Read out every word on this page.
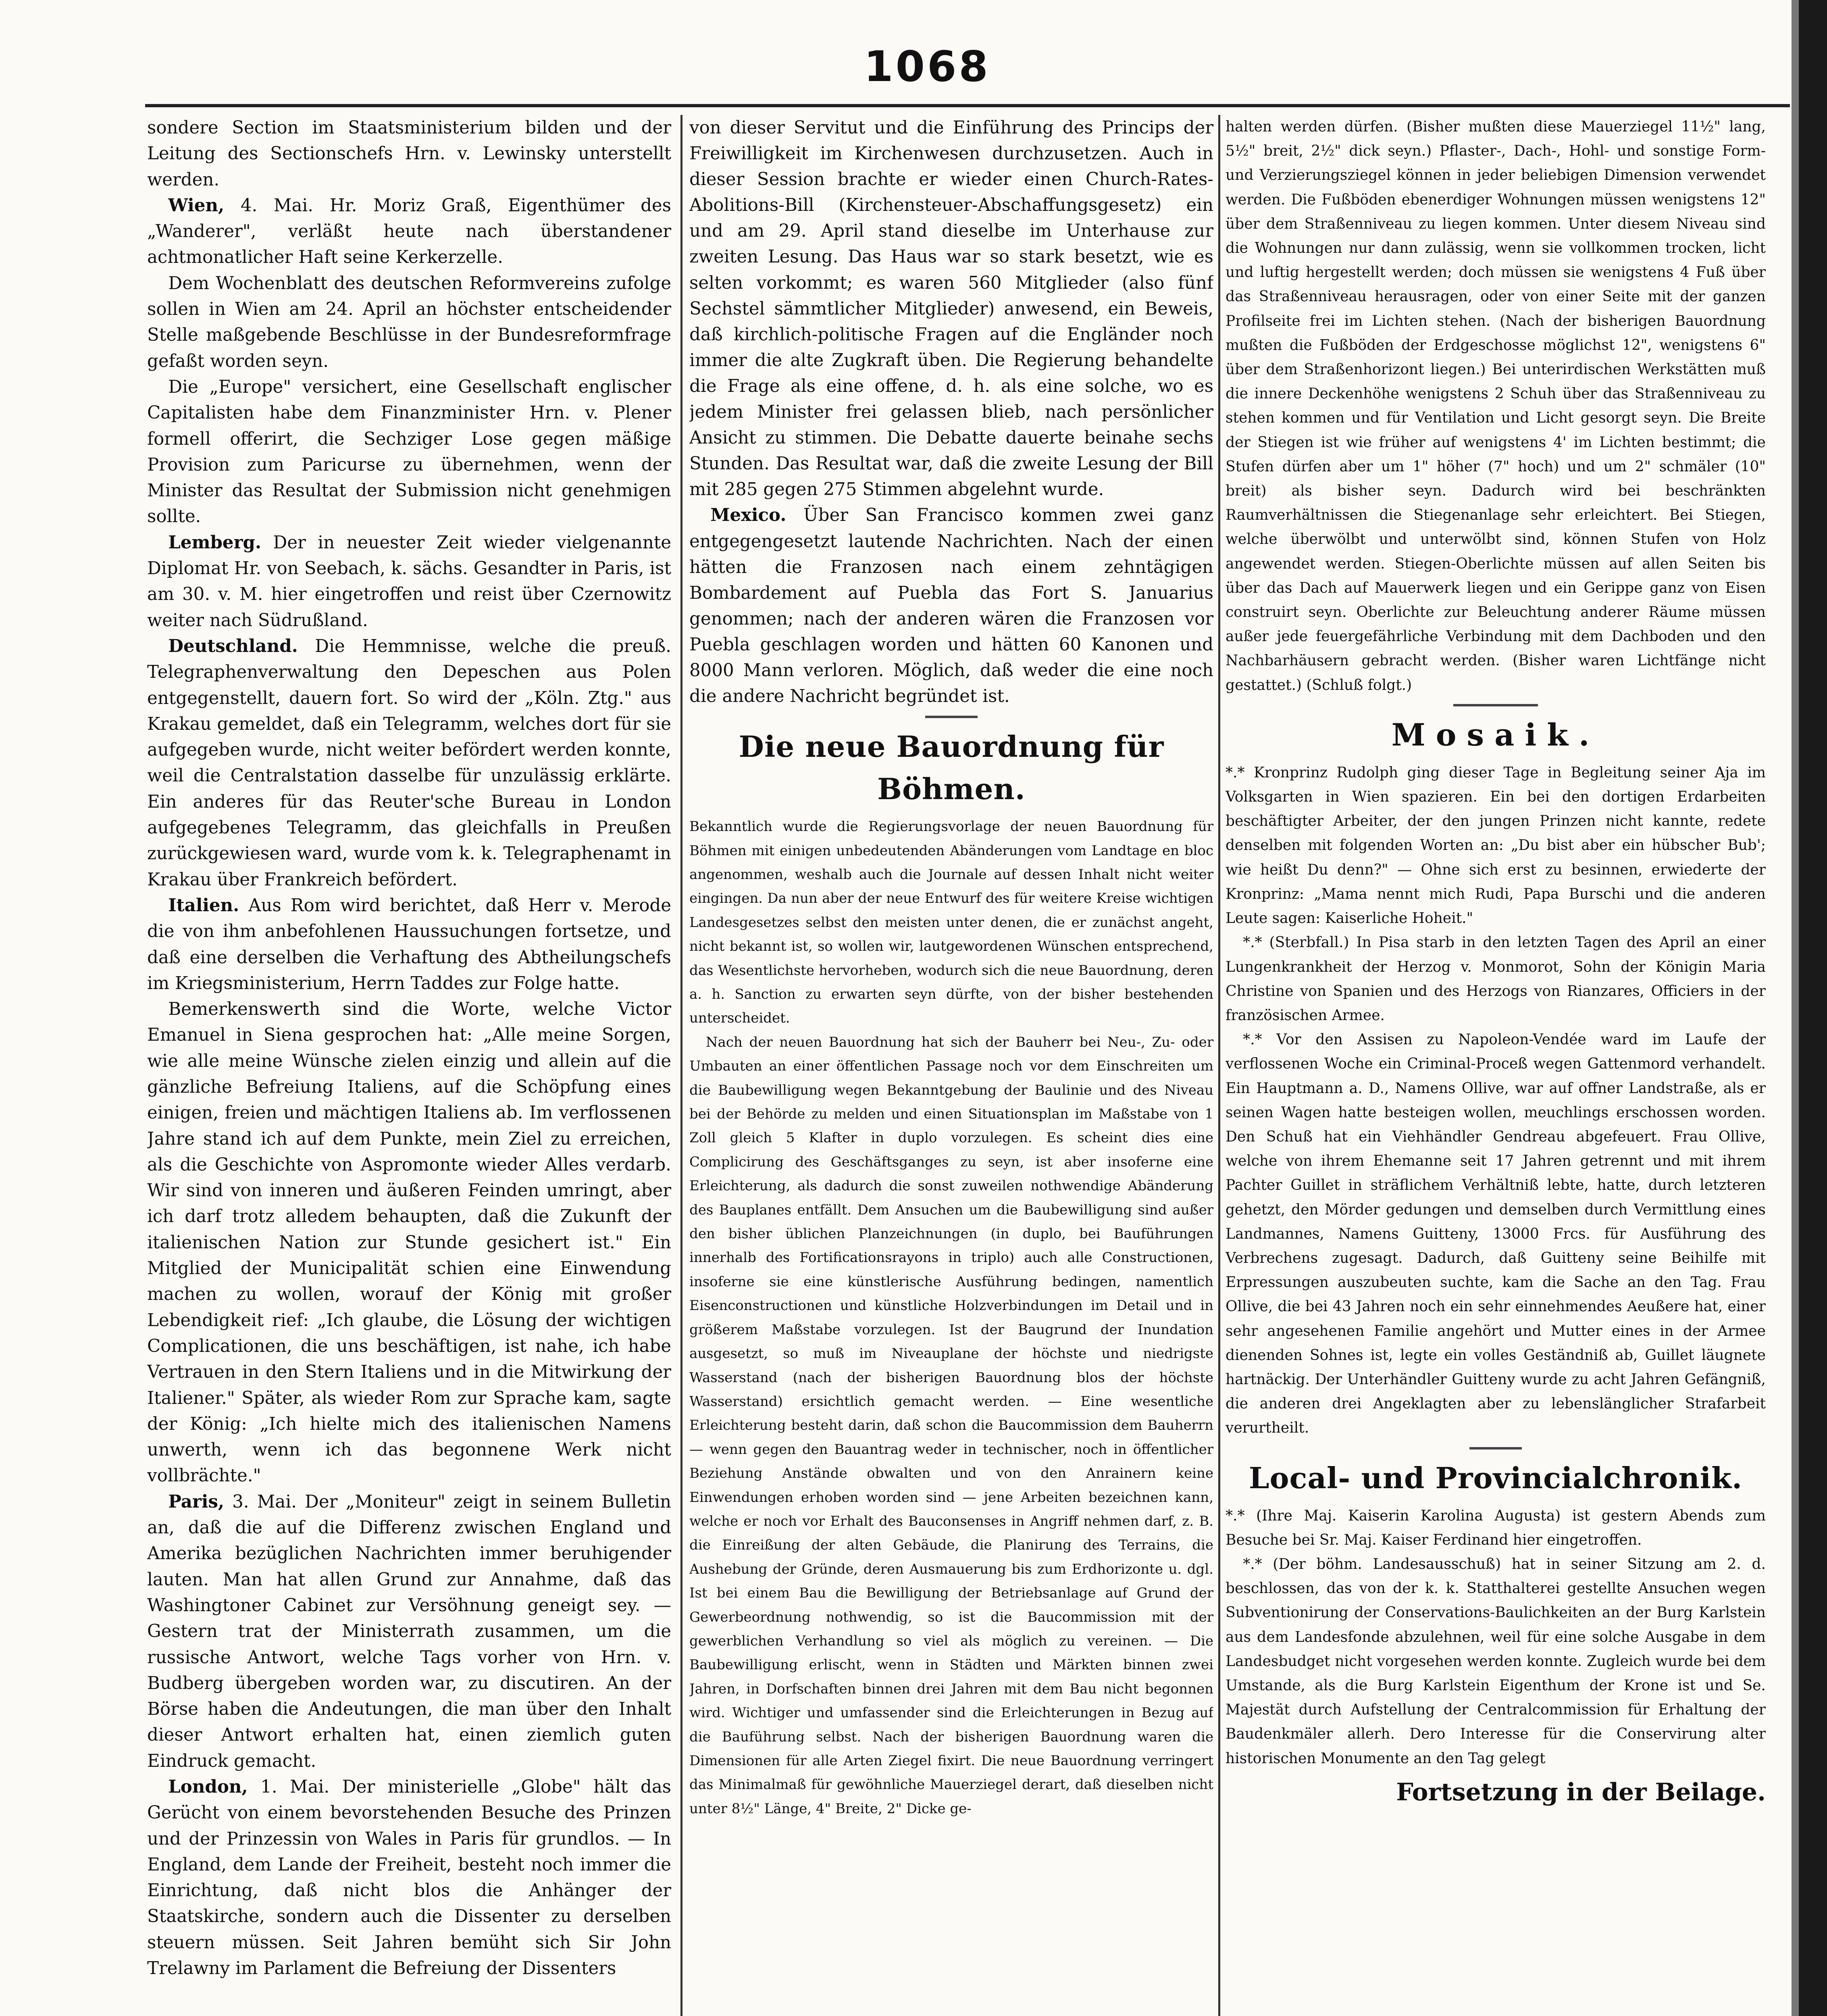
1068

sondere Section im Staatsministerium bilden und der Leitung des Sectionschefs Hrn. v. Lewinsky unterstellt werden.

Wien, 4. Mai. Hr. Moriz Graß, Eigenthümer des „Wanderer", verläßt heute nach überstandener achtmonatlicher Haft seine Kerkerzelle.

Dem Wochenblatt des deutschen Reformvereins zufolge sollen in Wien am 24. April an höchster entscheidender Stelle maßgebende Beschlüsse in der Bundesreformfrage gefaßt worden seyn.

Die „Europe" versichert, eine Gesellschaft englischer Capitalisten habe dem Finanzminister Hrn. v. Plener formell offerirt, die Sechziger Lose gegen mäßige Provision zum Paricurse zu übernehmen, wenn der Minister das Resultat der Submission nicht genehmigen sollte.

Lemberg. Der in neuester Zeit wieder vielgenannte Diplomat Hr. von Seebach, k. sächs. Gesandter in Paris, ist am 30. v. M. hier eingetroffen und reist über Czernowitz weiter nach Südrußland.

Deutschland. Die Hemmnisse, welche die preuß. Telegraphenverwaltung den Depeschen aus Polen entgegenstellt, dauern fort. So wird der „Köln. Ztg." aus Krakau gemeldet, daß ein Telegramm, welches dort für sie aufgegeben wurde, nicht weiter befördert werden konnte, weil die Centralstation dasselbe für unzulässig erklärte. Ein anderes für das Reuter'sche Bureau in London aufgegebenes Telegramm, das gleichfalls in Preußen zurückgewiesen ward, wurde vom k. k. Telegraphenamt in Krakau über Frankreich befördert.

Italien. Aus Rom wird berichtet, daß Herr v. Merode die von ihm anbefohlenen Haussuchungen fortsetze, und daß eine derselben die Verhaftung des Abtheilungschefs im Kriegsministerium, Herrn Taddes zur Folge hatte.

Bemerkenswerth sind die Worte, welche Victor Emanuel in Siena gesprochen hat: „Alle meine Sorgen, wie alle meine Wünsche zielen einzig und allein auf die gänzliche Befreiung Italiens, auf die Schöpfung eines einigen, freien und mächtigen Italiens ab. Im verflossenen Jahre stand ich auf dem Punkte, mein Ziel zu erreichen, als die Geschichte von Aspromonte wieder Alles verdarb. Wir sind von inneren und äußeren Feinden umringt, aber ich darf trotz alledem behaupten, daß die Zukunft der italienischen Nation zur Stunde gesichert ist." Ein Mitglied der Municipalität schien eine Einwendung machen zu wollen, worauf der König mit großer Lebendigkeit rief: „Ich glaube, die Lösung der wichtigen Complicationen, die uns beschäftigen, ist nahe, ich habe Vertrauen in den Stern Italiens und in die Mitwirkung der Italiener." Später, als wieder Rom zur Sprache kam, sagte der König: „Ich hielte mich des italienischen Namens unwerth, wenn ich das begonnene Werk nicht vollbrächte."

Paris, 3. Mai. Der „Moniteur" zeigt in seinem Bulletin an, daß die auf die Differenz zwischen England und Amerika bezüglichen Nachrichten immer beruhigender lauten. Man hat allen Grund zur Annahme, daß das Washingtoner Cabinet zur Versöhnung geneigt sey. — Gestern trat der Ministerrath zusammen, um die russische Antwort, welche Tags vorher von Hrn. v. Budberg übergeben worden war, zu discutiren. An der Börse haben die Andeutungen, die man über den Inhalt dieser Antwort erhalten hat, einen ziemlich guten Eindruck gemacht.

London, 1. Mai. Der ministerielle „Globe" hält das Gerücht von einem bevorstehenden Besuche des Prinzen und der Prinzessin von Wales in Paris für grundlos. — In England, dem Lande der Freiheit, besteht noch immer die Einrichtung, daß nicht blos die Anhänger der Staatskirche, sondern auch die Dissenter zu derselben steuern müssen. Seit Jahren bemüht sich Sir John Trelawny im Parlament die Befreiung der Dissenters

von dieser Servitut und die Einführung des Princips der Freiwilligkeit im Kirchenwesen durchzusetzen. Auch in dieser Session brachte er wieder einen Church-Rates-Abolitions-Bill (Kirchensteuer-Abschaffungsgesetz) ein und am 29. April stand dieselbe im Unterhause zur zweiten Lesung. Das Haus war so stark besetzt, wie es selten vorkommt; es waren 560 Mitglieder (also fünf Sechstel sämmtlicher Mitglieder) anwesend, ein Beweis, daß kirchlich-politische Fragen auf die Engländer noch immer die alte Zugkraft üben. Die Regierung behandelte die Frage als eine offene, d. h. als eine solche, wo es jedem Minister frei gelassen blieb, nach persönlicher Ansicht zu stimmen. Die Debatte dauerte beinahe sechs Stunden. Das Resultat war, daß die zweite Lesung der Bill mit 285 gegen 275 Stimmen abgelehnt wurde.

Mexico. Über San Francisco kommen zwei ganz entgegengesetzt lautende Nachrichten. Nach der einen hätten die Franzosen nach einem zehntägigen Bombardement auf Puebla das Fort S. Januarius genommen; nach der anderen wären die Franzosen vor Puebla geschlagen worden und hätten 60 Kanonen und 8000 Mann verloren. Möglich, daß weder die eine noch die andere Nachricht begründet ist.

Die neue Bauordnung für Böhmen.

Bekanntlich wurde die Regierungsvorlage der neuen Bauordnung für Böhmen mit einigen unbedeutenden Abänderungen vom Landtage en bloc angenommen, weshalb auch die Journale auf dessen Inhalt nicht weiter eingingen. Da nun aber der neue Entwurf des für weitere Kreise wichtigen Landesgesetzes selbst den meisten unter denen, die er zunächst angeht, nicht bekannt ist, so wollen wir, lautgewordenen Wünschen entsprechend, das Wesentlichste hervorheben, wodurch sich die neue Bauordnung, deren a. h. Sanction zu erwarten seyn dürfte, von der bisher bestehenden unterscheidet.

Nach der neuen Bauordnung hat sich der Bauherr bei Neu-, Zu- oder Umbauten an einer öffentlichen Passage noch vor dem Einschreiten um die Baubewilligung wegen Bekanntgebung der Baulinie und des Niveau bei der Behörde zu melden und einen Situationsplan im Maßstabe von 1 Zoll gleich 5 Klafter in duplo vorzulegen. Es scheint dies eine Complicirung des Geschäftsganges zu seyn, ist aber insoferne eine Erleichterung, als dadurch die sonst zuweilen nothwendige Abänderung des Bauplanes entfällt. Dem Ansuchen um die Baubewilligung sind außer den bisher üblichen Planzeichnungen (in duplo, bei Bauführungen innerhalb des Fortificationsrayons in triplo) auch alle Constructionen, insoferne sie eine künstlerische Ausführung bedingen, namentlich Eisenconstructionen und künstliche Holzverbindungen im Detail und in größerem Maßstabe vorzulegen. Ist der Baugrund der Inundation ausgesetzt, so muß im Niveauplane der höchste und niedrigste Wasserstand (nach der bisherigen Bauordnung blos der höchste Wasserstand) ersichtlich gemacht werden. — Eine wesentliche Erleichterung besteht darin, daß schon die Baucommission dem Bauherrn — wenn gegen den Bauantrag weder in technischer, noch in öffentlicher Beziehung Anstände obwalten und von den Anrainern keine Einwendungen erhoben worden sind — jene Arbeiten bezeichnen kann, welche er noch vor Erhalt des Bauconsenses in Angriff nehmen darf, z. B. die Einreißung der alten Gebäude, die Planirung des Terrains, die Aushebung der Gründe, deren Ausmauerung bis zum Erdhorizonte u. dgl. Ist bei einem Bau die Bewilligung der Betriebsanlage auf Grund der Gewerbeordnung nothwendig, so ist die Baucommission mit der gewerblichen Verhandlung so viel als möglich zu vereinen. — Die Baubewilligung erlischt, wenn in Städten und Märkten binnen zwei Jahren, in Dorfschaften binnen drei Jahren mit dem Bau nicht begonnen wird. Wichtiger und umfassender sind die Erleichterungen in Bezug auf die Bauführung selbst. Nach der bisherigen Bauordnung waren die Dimensionen für alle Arten Ziegel fixirt. Die neue Bauordnung verringert das Minimalmaß für gewöhnliche Mauerziegel derart, daß dieselben nicht unter 8½" Länge, 4" Breite, 2" Dicke ge-

halten werden dürfen. (Bisher mußten diese Mauerziegel 11½" lang, 5½" breit, 2½" dick seyn.) Pflaster-, Dach-, Hohl- und sonstige Form- und Verzierungsziegel können in jeder beliebigen Dimension verwendet werden. Die Fußböden ebenerdiger Wohnungen müssen wenigstens 12" über dem Straßenniveau zu liegen kommen. Unter diesem Niveau sind die Wohnungen nur dann zulässig, wenn sie vollkommen trocken, licht und luftig hergestellt werden; doch müssen sie wenigstens 4 Fuß über das Straßenniveau herausragen, oder von einer Seite mit der ganzen Profilseite frei im Lichten stehen. (Nach der bisherigen Bauordnung mußten die Fußböden der Erdgeschosse möglichst 12", wenigstens 6" über dem Straßenhorizont liegen.) Bei unterirdischen Werkstätten muß die innere Deckenhöhe wenigstens 2 Schuh über das Straßenniveau zu stehen kommen und für Ventilation und Licht gesorgt seyn. Die Breite der Stiegen ist wie früher auf wenigstens 4' im Lichten bestimmt; die Stufen dürfen aber um 1" höher (7" hoch) und um 2" schmäler (10" breit) als bisher seyn. Dadurch wird bei beschränkten Raumverhältnissen die Stiegenanlage sehr erleichtert. Bei Stiegen, welche überwölbt und unterwölbt sind, können Stufen von Holz angewendet werden. Stiegen-Oberlichte müssen auf allen Seiten bis über das Dach auf Mauerwerk liegen und ein Gerippe ganz von Eisen construirt seyn. Oberlichte zur Beleuchtung anderer Räume müssen außer jede feuergefährliche Verbindung mit dem Dachboden und den Nachbarhäusern gebracht werden. (Bisher waren Lichtfänge nicht gestattet.) (Schluß folgt.)

Mosaik.

*.* Kronprinz Rudolph ging dieser Tage in Begleitung seiner Aja im Volksgarten in Wien spazieren. Ein bei den dortigen Erdarbeiten beschäftigter Arbeiter, der den jungen Prinzen nicht kannte, redete denselben mit folgenden Worten an: „Du bist aber ein hübscher Bub'; wie heißt Du denn?" — Ohne sich erst zu besinnen, erwiederte der Kronprinz: „Mama nennt mich Rudi, Papa Burschi und die anderen Leute sagen: Kaiserliche Hoheit."

*.* (Sterbfall.) In Pisa starb in den letzten Tagen des April an einer Lungenkrankheit der Herzog v. Monmorot, Sohn der Königin Maria Christine von Spanien und des Herzogs von Rianzares, Officiers in der französischen Armee.

*.* Vor den Assisen zu Napoleon-Vendée ward im Laufe der verflossenen Woche ein Criminal-Proceß wegen Gattenmord verhandelt. Ein Hauptmann a. D., Namens Ollive, war auf offner Landstraße, als er seinen Wagen hatte besteigen wollen, meuchlings erschossen worden. Den Schuß hat ein Viehhändler Gendreau abgefeuert. Frau Ollive, welche von ihrem Ehemanne seit 17 Jahren getrennt und mit ihrem Pachter Guillet in sträflichem Verhältniß lebte, hatte, durch letzteren gehetzt, den Mörder gedungen und demselben durch Vermittlung eines Landmannes, Namens Guitteny, 13000 Frcs. für Ausführung des Verbrechens zugesagt. Dadurch, daß Guitteny seine Beihilfe mit Erpressungen auszubeuten suchte, kam die Sache an den Tag. Frau Ollive, die bei 43 Jahren noch ein sehr einnehmendes Aeußere hat, einer sehr angesehenen Familie angehört und Mutter eines in der Armee dienenden Sohnes ist, legte ein volles Geständniß ab, Guillet läugnete hartnäckig. Der Unterhändler Guitteny wurde zu acht Jahren Gefängniß, die anderen drei Angeklagten aber zu lebenslänglicher Strafarbeit verurtheilt.

Local- und Provincialchronik.

*.* (Ihre Maj. Kaiserin Karolina Augusta) ist gestern Abends zum Besuche bei Sr. Maj. Kaiser Ferdinand hier eingetroffen.

*.* (Der böhm. Landesausschuß) hat in seiner Sitzung am 2. d. beschlossen, das von der k. k. Statthalterei gestellte Ansuchen wegen Subventionirung der Conservations-Baulichkeiten an der Burg Karlstein aus dem Landesfonde abzulehnen, weil für eine solche Ausgabe in dem Landesbudget nicht vorgesehen werden konnte. Zugleich wurde bei dem Umstande, als die Burg Karlstein Eigenthum der Krone ist und Se. Majestät durch Aufstellung der Centralcommission für Erhaltung der Baudenkmäler allerh. Dero Interesse für die Conservirung alter historischen Monumente an den Tag gelegt

Fortsetzung in der Beilage.
